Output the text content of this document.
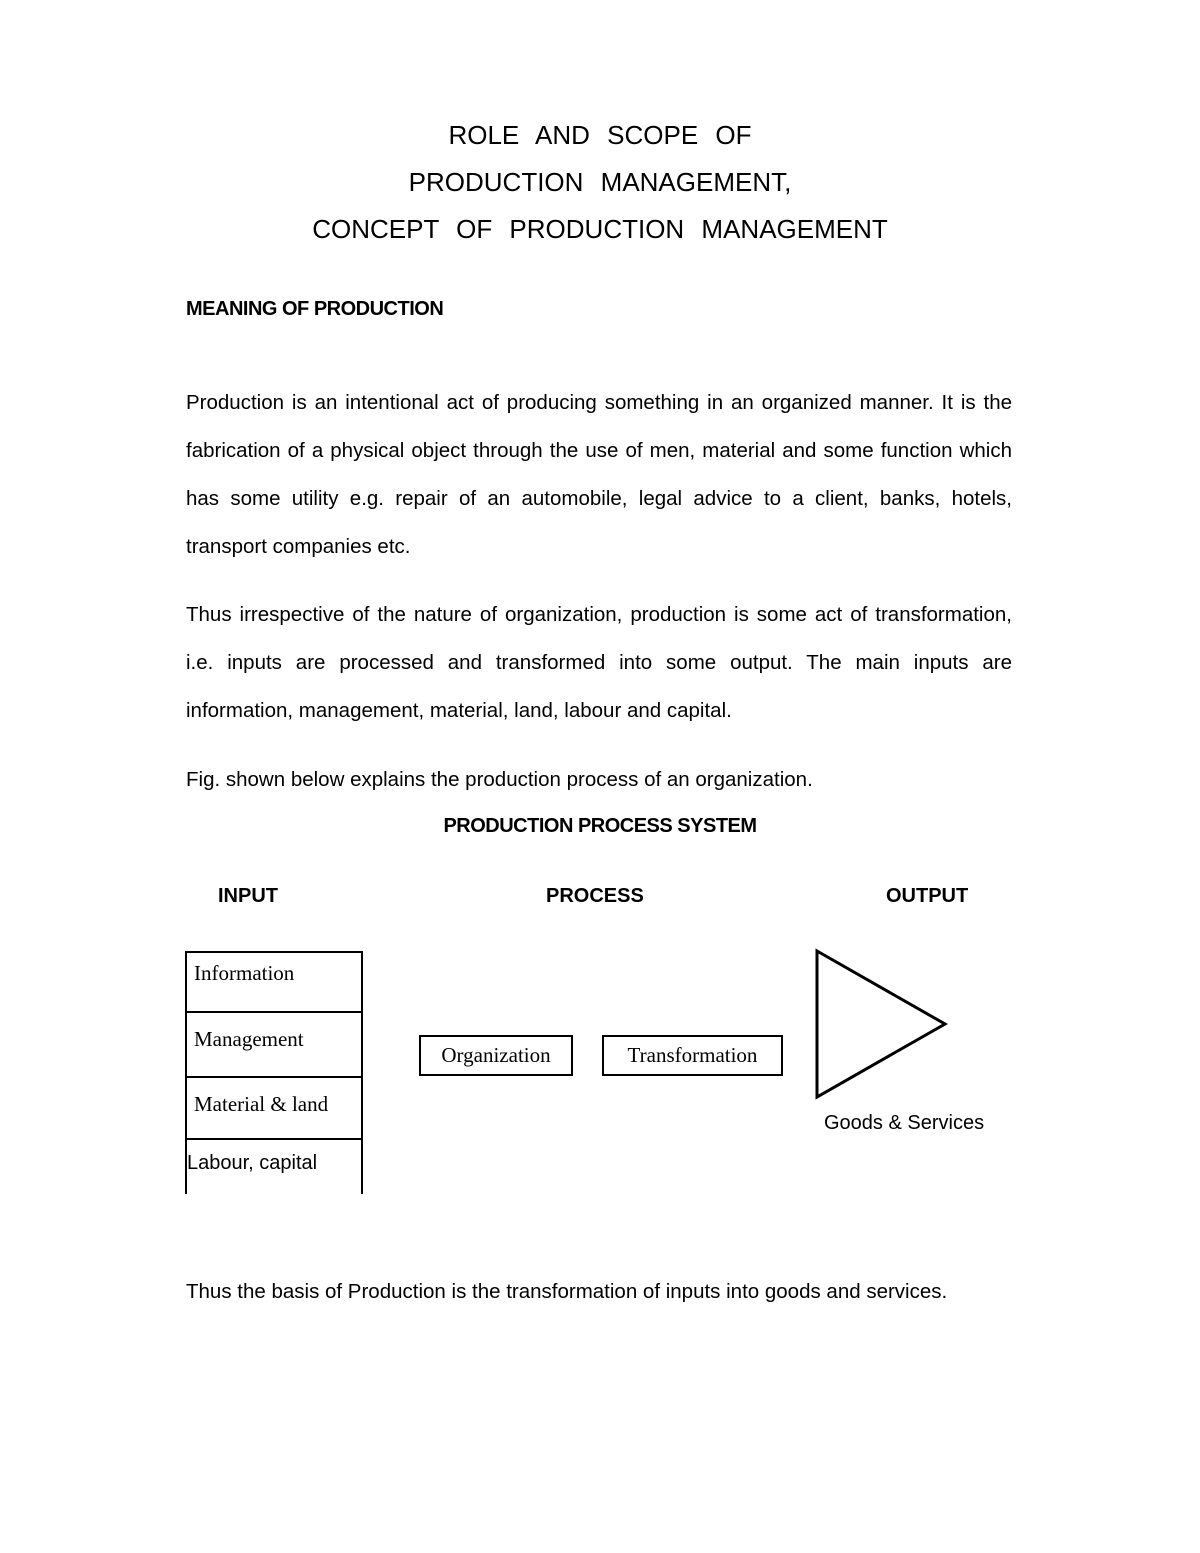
ROLE AND SCOPE OF
PRODUCTION MANAGEMENT,
CONCEPT OF PRODUCTION MANAGEMENT
MEANING OF PRODUCTION

Production is an intentional act of producing something in an organized manner. It is the fabrication of a physical object through the use of men, material and some function which has some utility e.g. repair of an automobile, legal advice to a client, banks, hotels, transport companies etc.

Thus irrespective of the nature of organization, production is some act of transformation, i.e. inputs are processed and transformed into some output. The main inputs are information, management, material, land, labour and capital.

Fig. shown below explains the production process of an organization.

PRODUCTION PROCESS SYSTEM
INPUT	PROCESS	OUTPUT
Information
Management
Material & land
Labour, capital
Organization	Transformation
Goods & Services

Thus the basis of Production is the transformation of inputs into goods and services.
